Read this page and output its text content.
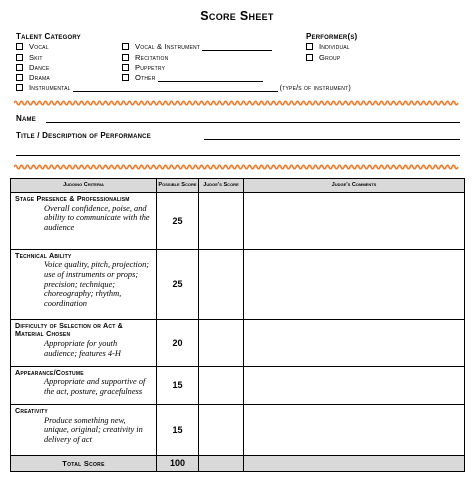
Score Sheet
Talent Category
Vocal
Skit
Dance
Drama
Vocal & Instrument
Recitation
Puppetry
Other
Instrumental	(type/s of instrument)
Performer(s)
Individual
Group
Name
Title / Description of Performance
Judging Criteria	Possible Score	Judge's Score	Judge's Comments

Stage Presence & Professionalism
Overall confidence, poise, and ability to communicate with the audience	25		

Technical Ability
Voice quality, pitch, projection; use of instruments or props; precision; technique; choreography; rhythm, coordination	25		

Difficulty of Selection or Act & Material Chosen
Appropriate for youth audience; features 4-H	20		

Appearance/Costume
Appropriate and supportive of the act, posture, gracefulness	15		

Creativity
Produce something new, unique, original; creativity in delivery of act	15		
Total Score	100		
